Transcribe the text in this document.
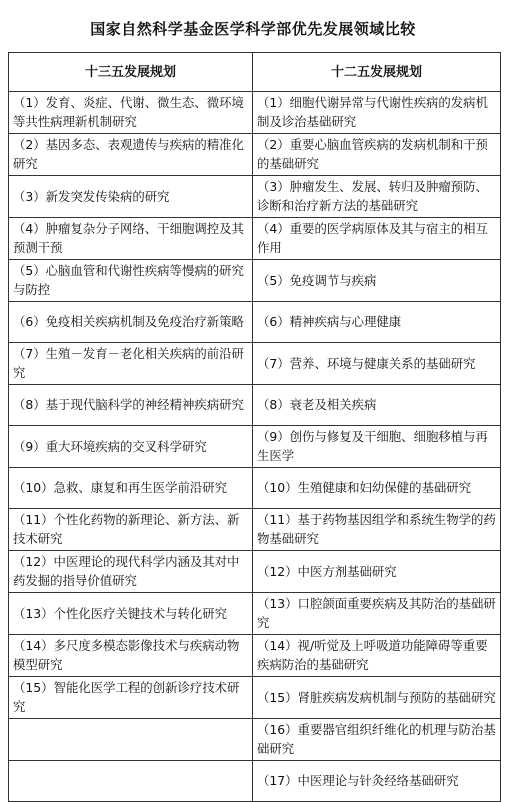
国家自然科学基金医学科学部优先发展领域比较
十三五发展规划	十二五发展规划

（1）发育、炎症、代谢、微生态、微环境等共性病理新机制研究	（1）细胞代谢异常与代谢性疾病的发病机制及诊治基础研究

（2）基因多态、表观遗传与疾病的精准化研究	（2）重要心脑血管疾病的发病机制和干预的基础研究

（3）新发突发传染病的研究	（3）肿瘤发生、发展、转归及肿瘤预防、诊断和治疗新方法的基础研究

（4）肿瘤复杂分子网络、干细胞调控及其预测干预	（4）重要的医学病原体及其与宿主的相互作用

（5）心脑血管和代谢性疾病等慢病的研究与防控	（5）免疫调节与疾病

（6）免疫相关疾病机制及免疫治疗新策略	（6）精神疾病与心理健康

（7）生殖－发育－老化相关疾病的前沿研究	（7）营养、环境与健康关系的基础研究

（8）基于现代脑科学的神经精神疾病研究	（8）衰老及相关疾病

（9）重大环境疾病的交叉科学研究	（9）创伤与修复及干细胞、细胞移植与再生医学

（10）急救、康复和再生医学前沿研究	（10）生殖健康和妇幼保健的基础研究

（11）个性化药物的新理论、新方法、新技术研究	（11）基于药物基因组学和系统生物学的药物基础研究

（12）中医理论的现代科学内涵及其对中药发掘的指导价值研究	（12）中医方剂基础研究

（13）个性化医疗关键技术与转化研究	（13）口腔颌面重要疾病及其防治的基础研究

（14）多尺度多模态影像技术与疾病动物模型研究	（14）视/听觉及上呼吸道功能障碍等重要疾病防治的基础研究

（15）智能化医学工程的创新诊疗技术研究	（15）肾脏疾病发病机制与预防的基础研究

	（16）重要器官组织纤维化的机理与防治基础研究

	（17）中医理论与针灸经络基础研究
